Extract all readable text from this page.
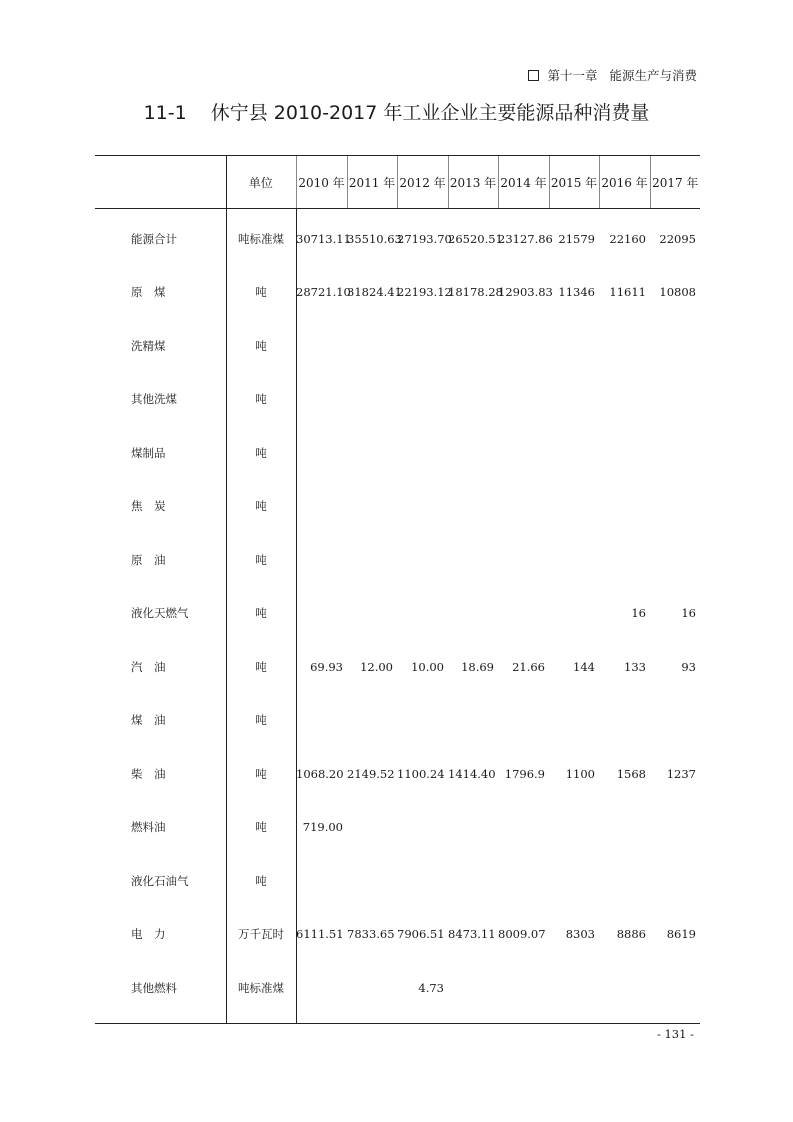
第十一章 能源生产与消费
11-1 休宁县 2010-2017 年工业企业主要能源品种消费量
	单位	2010 年	2011 年	2012 年	2013 年	2014 年	2015 年	2016 年	2017 年
能源合计	吨标准煤	30713.11	35510.63	27193.70	26520.51	23127.86	21579	22160	22095
原　煤	吨	28721.10	31824.41	22193.12	18178.28	12903.83	11346	11611	10808
洗精煤	吨								
其他洗煤	吨								
煤制品	吨								
焦　炭	吨								
原　油	吨								
液化天燃气	吨							16	16
汽　油	吨	69.93	12.00	10.00	18.69	21.66	144	133	93
煤　油	吨								
柴　油	吨	1068.20	2149.52	1100.24	1414.40	1796.9	1100	1568	1237
燃料油	吨	719.00							
液化石油气	吨								
电　力	万千瓦时	6111.51	7833.65	7906.51	8473.11	8009.07	8303	8886	8619
其他燃料	吨标准煤			4.73					
- 131 -
